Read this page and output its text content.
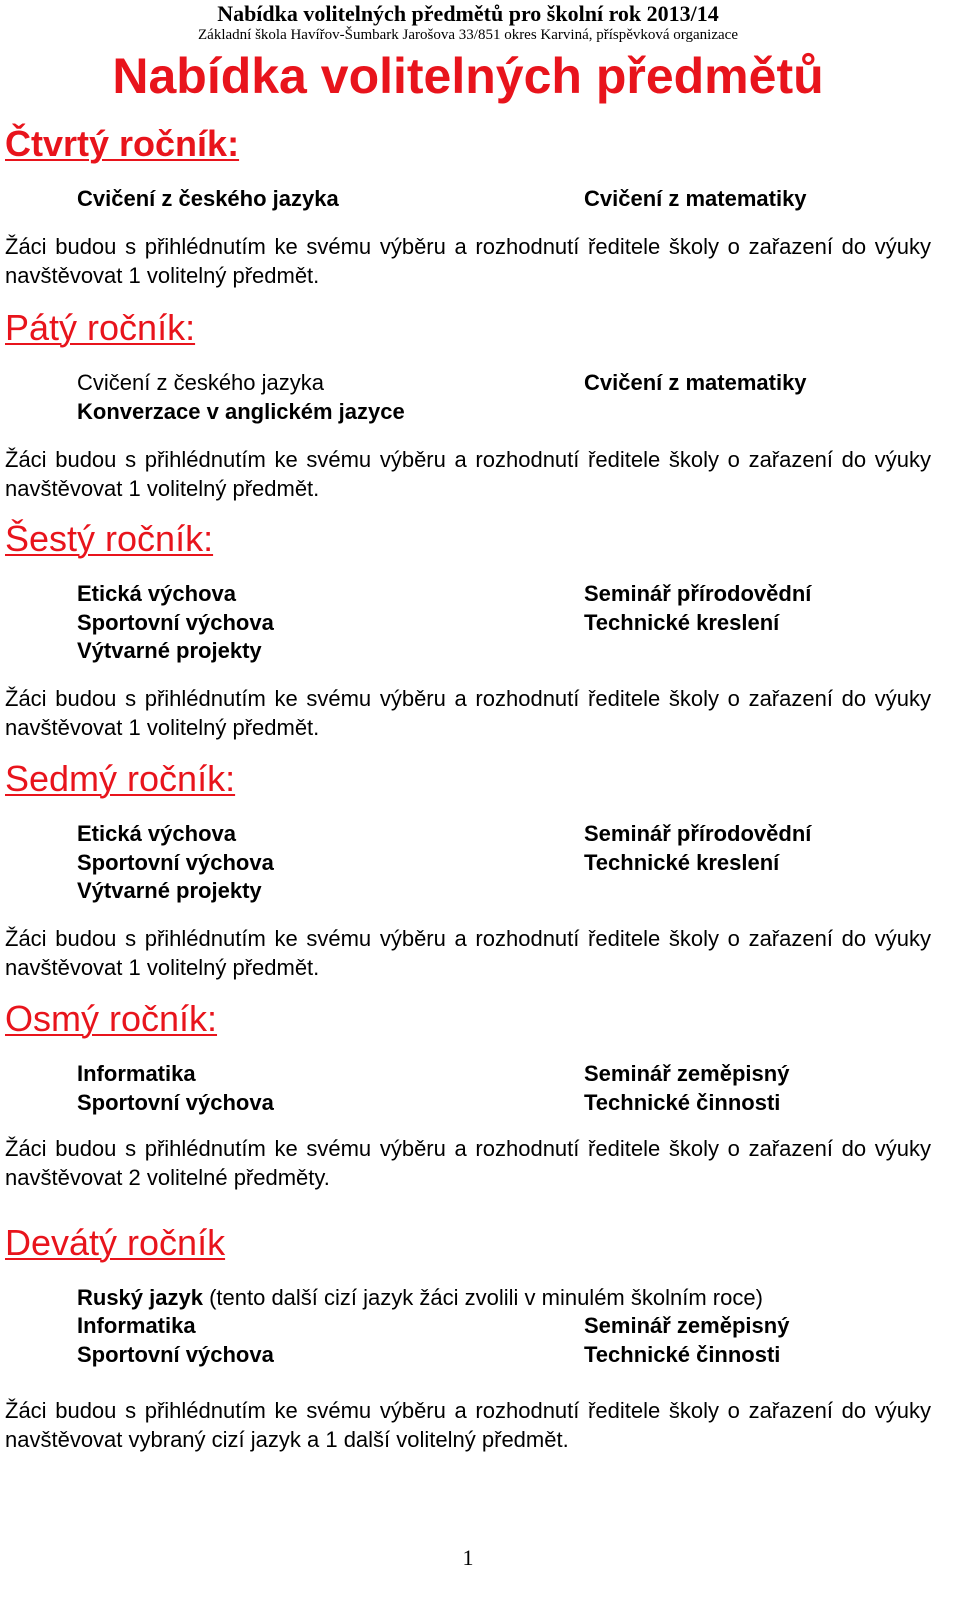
Nabídka volitelných předmětů pro školní rok 2013/14
Základní škola Havířov-Šumbark Jarošova 33/851 okres Karviná, příspěvková organizace
Nabídka volitelných předmětů
Čtvrtý ročník:
Cvičení z českého jazyka	Cvičení z matematiky
Žáci budou s přihlédnutím ke svému výběru a rozhodnutí ředitele školy o zařazení do výuky navštěvovat 1 volitelný předmět.
Pátý ročník:
Cvičení z českého jazyka
Konverzace v anglickém jazyce
Cvičení z matematiky
Žáci budou s přihlédnutím ke svému výběru a rozhodnutí ředitele školy o zařazení do výuky navštěvovat 1 volitelný předmět.
Šestý ročník:
Etická výchova
Sportovní výchova
Výtvarné projekty
Seminář přírodovědní
Technické kreslení
Žáci budou s přihlédnutím ke svému výběru a rozhodnutí ředitele školy o zařazení do výuky navštěvovat 1 volitelný předmět.
Sedmý ročník:
Etická výchova
Sportovní výchova
Výtvarné projekty
Seminář přírodovědní
Technické kreslení
Žáci budou s přihlédnutím ke svému výběru a rozhodnutí ředitele školy o zařazení do výuky navštěvovat 1 volitelný předmět.
Osmý ročník:
Informatika
Sportovní výchova
Seminář zeměpisný
Technické činnosti
Žáci budou s přihlédnutím ke svému výběru a rozhodnutí ředitele školy o zařazení do výuky navštěvovat 2 volitelné předměty.
Devátý ročník
Ruský jazyk (tento další cizí jazyk žáci zvolili v minulém školním roce)
Informatika
Sportovní výchova
Seminář zeměpisný
Technické činnosti
Žáci budou s přihlédnutím ke svému výběru a rozhodnutí ředitele školy o zařazení do výuky navštěvovat vybraný cizí jazyk a 1 další volitelný předmět.
1
